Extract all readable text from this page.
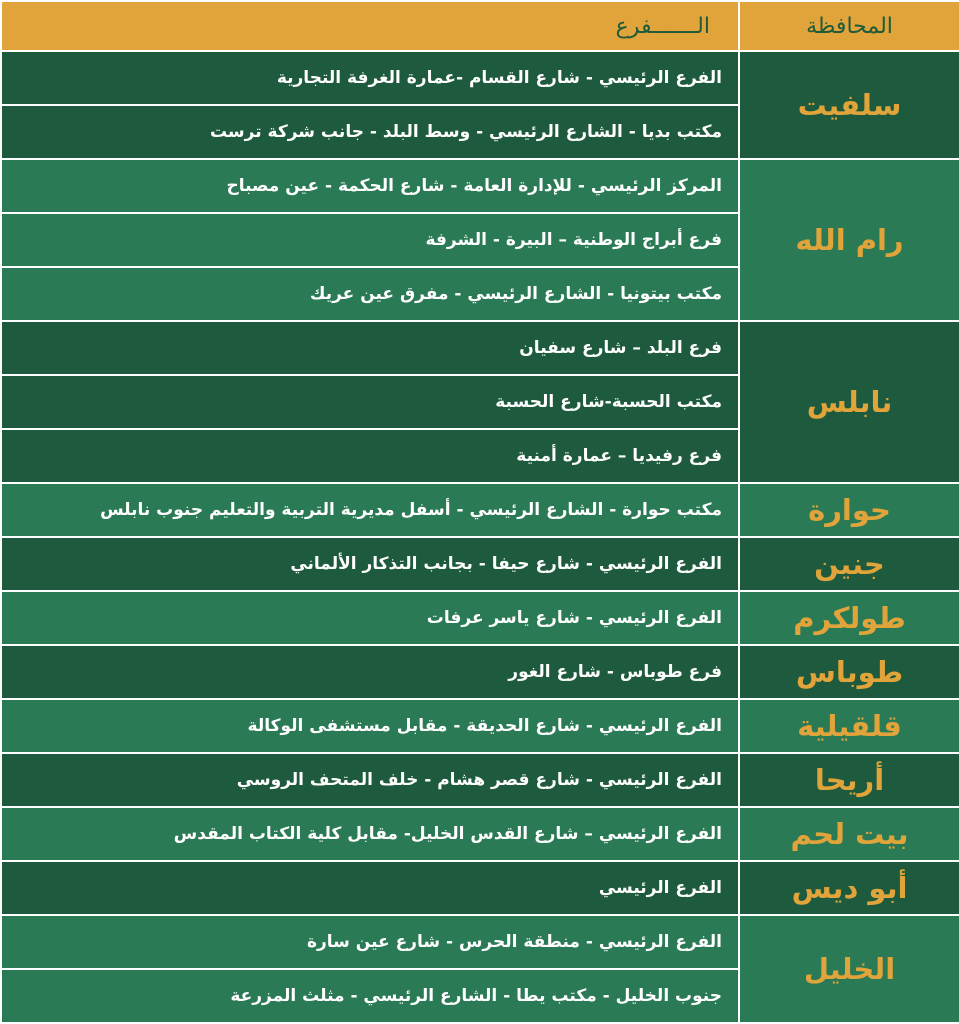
المحافظة	الـــــــفرع
سلفيت	الفرع الرئيسي - شارع القسام -عمارة الغرفة التجارية
	مكتب بديا - الشارع الرئيسي - وسط البلد - جانب شركة ترست
رام الله	المركز الرئيسي - للإدارة العامة - شارع الحكمة - عين مصباح
	فرع أبراج الوطنية – البيرة - الشرفة
	مكتب بيتونيا - الشارع الرئيسي - مفرق عين عريك
نابلس	فرع البلد – شارع سفيان
	مكتب الحسبة-شارع الحسبة
	فرع رفيديا – عمارة أمنية
حوارة	مكتب حوارة - الشارع الرئيسي - أسفل مديرية التربية والتعليم جنوب نابلس
جنين	الفرع الرئيسي - شارع حيفا - بجانب التذكار الألماني
طولكرم	الفرع الرئيسي - شارع ياسر عرفات
طوباس	فرع طوباس - شارع الغور
قلقيلية	الفرع الرئيسي - شارع الحديقة - مقابل مستشفى الوكالة
أريحا	الفرع الرئيسي - شارع قصر هشام - خلف المتحف الروسي
بيت لحم	الفرع الرئيسي – شارع القدس الخليل- مقابل كلية الكتاب المقدس
أبو ديس	الفرع الرئيسي
الخليل	الفرع الرئيسي - منطقة الحرس - شارع عين سارة
	جنوب الخليل - مكتب يطا - الشارع الرئيسي - مثلث المزرعة
